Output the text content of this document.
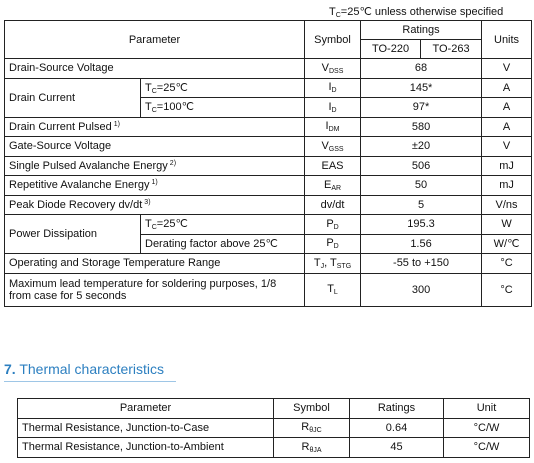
$T_C=25℃$ unless otherwise specified
Parameter		Symbol	Ratings		Units
			TO-220	TO-263	
Drain-Source Voltage		$V_{DSS}$	68		V
Drain Current	$T_C=25℃$	$I_D$	145*		A
	$T_C=100℃$	$I_D$	97*		A
Drain Current Pulsed $^{1)}$		$I_{DM}$	580		A
Gate-Source Voltage		$V_{GSS}$	±20		V
Single Pulsed Avalanche Energy $^{2)}$		EAS	506		mJ
Repetitive Avalanche Energy $^{1)}$		$E_{AR}$	50		mJ
Peak Diode Recovery dv/dt $^{3)}$		dv/dt	5		V/ns
Power Dissipation	$T_C=25℃$	$P_D$	195.3		W
	Derating factor above 25℃	$P_D$	1.56		W/℃
Operating and Storage Temperature Range		$T_J$, $T_{STG}$	-55 to +150		°C
Maximum lead temperature for soldering purposes, 1/8 from case for 5 seconds		$T_L$	300		°C
7. Thermal characteristics
Parameter	Symbol	Ratings	Unit
Thermal Resistance, Junction-to-Case	$R_{\theta JC}$	0.64	°C/W
Thermal Resistance, Junction-to-Ambient	$R_{\theta JA}$	45	°C/W
